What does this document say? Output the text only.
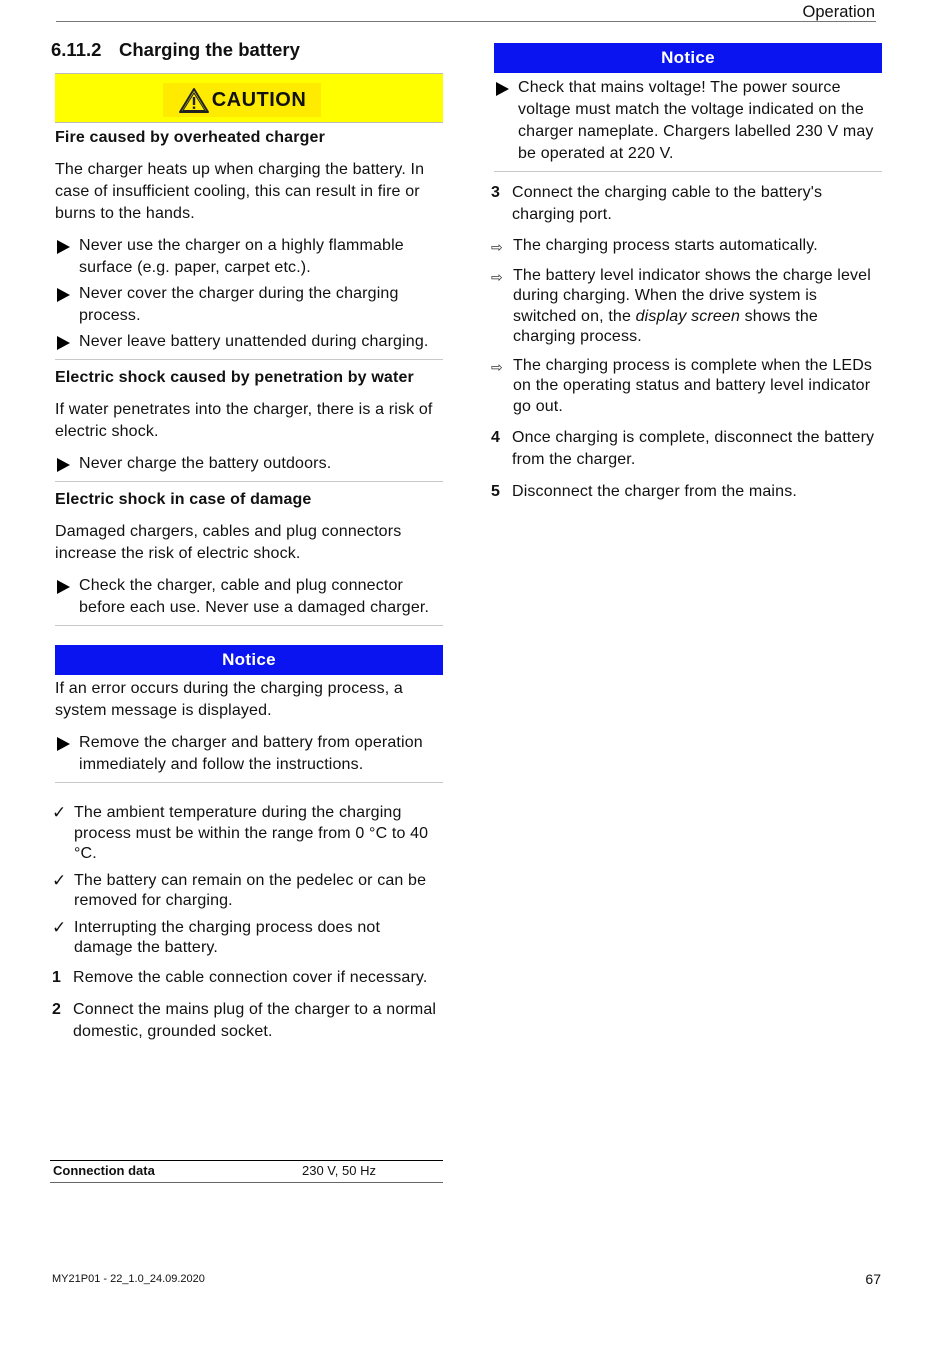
Operation
6.11.2 Charging the battery
CAUTION
Fire caused by overheated charger
The charger heats up when charging the battery. In case of insufficient cooling, this can result in fire or burns to the hands.
Never use the charger on a highly flammable surface (e.g. paper, carpet etc.).
Never cover the charger during the charging process.
Never leave battery unattended during charging.
Electric shock caused by penetration by water
If water penetrates into the charger, there is a risk of electric shock.
Never charge the battery outdoors.
Electric shock in case of damage
Damaged chargers, cables and plug connectors increase the risk of electric shock.
Check the charger, cable and plug connector before each use. Never use a damaged charger.
Notice
If an error occurs during the charging process, a system message is displayed.
Remove the charger and battery from operation immediately and follow the instructions.
✓ The ambient temperature during the charging process must be within the range from 0 °C to 40 °C.
✓ The battery can remain on the pedelec or can be removed for charging.
✓ Interrupting the charging process does not damage the battery.
1 Remove the cable connection cover if necessary.
2 Connect the mains plug of the charger to a normal domestic, grounded socket.
Connection data	230 V, 50 Hz
Notice
Check that mains voltage! The power source voltage must match the voltage indicated on the charger nameplate. Chargers labelled 230 V may be operated at 220 V.
3 Connect the charging cable to the battery's charging port.
⇨ The charging process starts automatically.
⇨ The battery level indicator shows the charge level during charging. When the drive system is switched on, the display screen shows the charging process.
⇨ The charging process is complete when the LEDs on the operating status and battery level indicator go out.
4 Once charging is complete, disconnect the battery from the charger.
5 Disconnect the charger from the mains.
MY21P01 - 22_1.0_24.09.2020	67
